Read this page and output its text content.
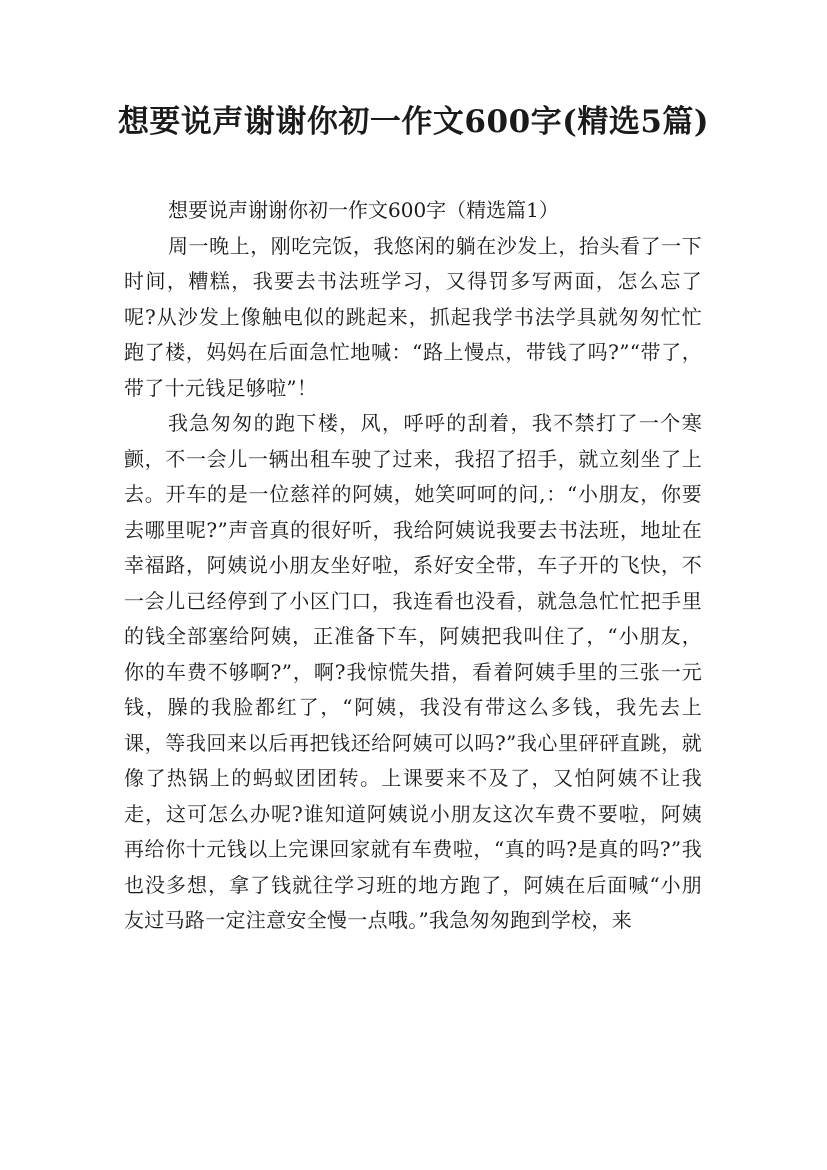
想要说声谢谢你初一作文600字(精选5篇)

想要说声谢谢你初一作文600字（精选篇1）

周一晚上，刚吃完饭，我悠闲的躺在沙发上，抬头看了一下时间，糟糕，我要去书法班学习，又得罚多写两面，怎么忘了呢?从沙发上像触电似的跳起来，抓起我学书法学具就匆匆忙忙跑了楼，妈妈在后面急忙地喊：“路上慢点，带钱了吗?”“带了，带了十元钱足够啦”！

我急匆匆的跑下楼，风，呼呼的刮着，我不禁打了一个寒颤，不一会儿一辆出租车驶了过来，我招了招手，就立刻坐了上去。开车的是一位慈祥的阿姨，她笑呵呵的问,：“小朋友，你要去哪里呢?”声音真的很好听，我给阿姨说我要去书法班，地址在幸福路，阿姨说小朋友坐好啦，系好安全带，车子开的飞快，不一会儿已经停到了小区门口，我连看也没看，就急急忙忙把手里的钱全部塞给阿姨，正准备下车，阿姨把我叫住了，“小朋友，你的车费不够啊?”，啊?我惊慌失措，看着阿姨手里的三张一元钱，臊的我脸都红了，“阿姨，我没有带这么多钱，我先去上课，等我回来以后再把钱还给阿姨可以吗?”我心里砰砰直跳，就像了热锅上的蚂蚁团团转。上课要来不及了，又怕阿姨不让我走，这可怎么办呢?谁知道阿姨说小朋友这次车费不要啦，阿姨再给你十元钱以上完课回家就有车费啦，“真的吗?是真的吗?”我也没多想，拿了钱就往学习班的地方跑了，阿姨在后面喊“小朋友过马路一定注意安全慢一点哦。”我急匆匆跑到学校，来
